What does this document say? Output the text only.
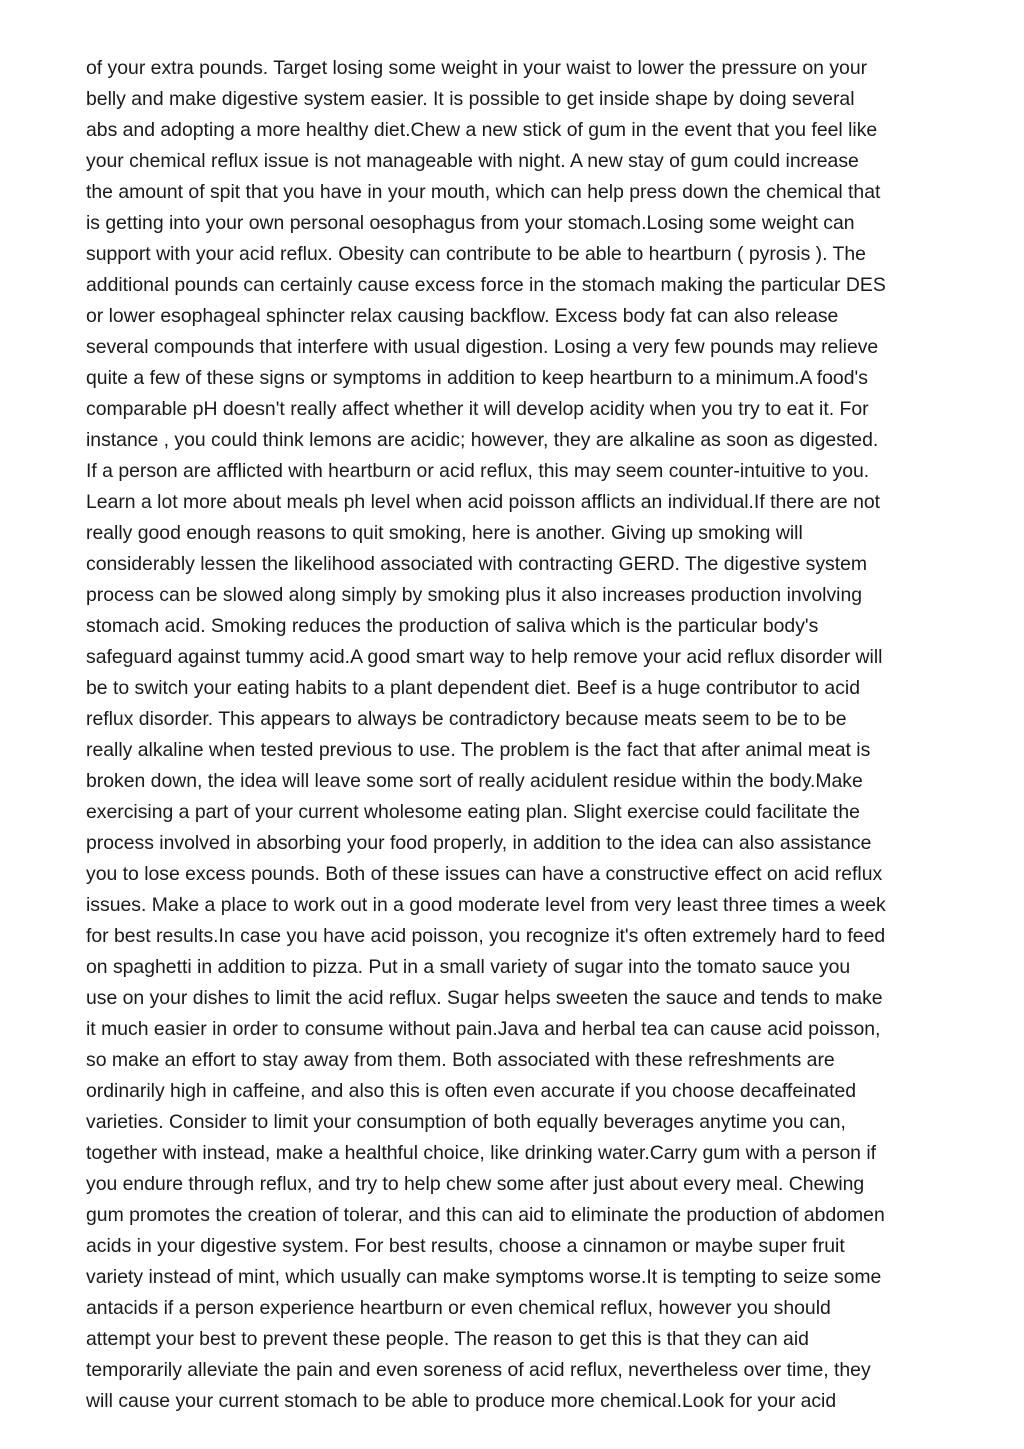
of your extra pounds. Target losing some weight in your waist to lower the pressure on your
belly and make digestive system easier. It is possible to get inside shape by doing several
abs and adopting a more healthy diet.Chew a new stick of gum in the event that you feel like
your chemical reflux issue is not manageable with night. A new stay of gum could increase
the amount of spit that you have in your mouth, which can help press down the chemical that
is getting into your own personal oesophagus from your stomach.Losing some weight can
support with your acid reflux. Obesity can contribute to be able to heartburn ( pyrosis ). The
additional pounds can certainly cause excess force in the stomach making the particular DES
or lower esophageal sphincter relax causing backflow. Excess body fat can also release
several compounds that interfere with usual digestion. Losing a very few pounds may relieve
quite a few of these signs or symptoms in addition to keep heartburn to a minimum.A food's
comparable pH doesn't really affect whether it will develop acidity when you try to eat it. For
instance , you could think lemons are acidic; however, they are alkaline as soon as digested.
If a person are afflicted with heartburn or acid reflux, this may seem counter-intuitive to you.
Learn a lot more about meals ph level when acid poisson afflicts an individual.If there are not
really good enough reasons to quit smoking, here is another. Giving up smoking will
considerably lessen the likelihood associated with contracting GERD. The digestive system
process can be slowed along simply by smoking plus it also increases production involving
stomach acid. Smoking reduces the production of saliva which is the particular body's
safeguard against tummy acid.A good smart way to help remove your acid reflux disorder will
be to switch your eating habits to a plant dependent diet. Beef is a huge contributor to acid
reflux disorder. This appears to always be contradictory because meats seem to be to be
really alkaline when tested previous to use. The problem is the fact that after animal meat is
broken down, the idea will leave some sort of really acidulent residue within the body.Make
exercising a part of your current wholesome eating plan. Slight exercise could facilitate the
process involved in absorbing your food properly, in addition to the idea can also assistance
you to lose excess pounds. Both of these issues can have a constructive effect on acid reflux
issues. Make a place to work out in a good moderate level from very least three times a week
for best results.In case you have acid poisson, you recognize it's often extremely hard to feed
on spaghetti in addition to pizza. Put in a small variety of sugar into the tomato sauce you
use on your dishes to limit the acid reflux. Sugar helps sweeten the sauce and tends to make
it much easier in order to consume without pain.Java and herbal tea can cause acid poisson,
so make an effort to stay away from them. Both associated with these refreshments are
ordinarily high in caffeine, and also this is often even accurate if you choose decaffeinated
varieties. Consider to limit your consumption of both equally beverages anytime you can,
together with instead, make a healthful choice, like drinking water.Carry gum with a person if
you endure through reflux, and try to help chew some after just about every meal. Chewing
gum promotes the creation of tolerar, and this can aid to eliminate the production of abdomen
acids in your digestive system. For best results, choose a cinnamon or maybe super fruit
variety instead of mint, which usually can make symptoms worse.It is tempting to seize some
antacids if a person experience heartburn or even chemical reflux, however you should
attempt your best to prevent these people. The reason to get this is that they can aid
temporarily alleviate the pain and even soreness of acid reflux, nevertheless over time, they
will cause your current stomach to be able to produce more chemical.Look for your acid
